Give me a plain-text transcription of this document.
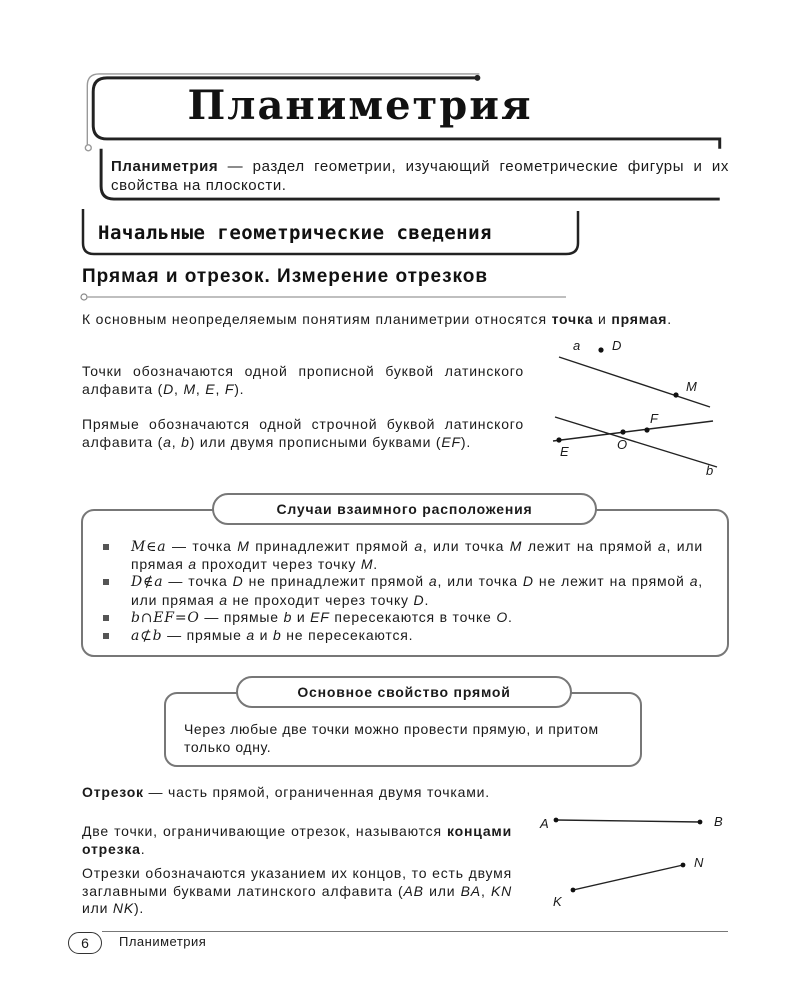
Планиметрия
Планиметрия — раздел геометрии, изучающий геометрические фигуры и их свойства на плоскости.
Начальные геометрические сведения
Прямая и отрезок. Измерение отрезков
К основным неопределяемым понятиям планиметрии относятся точка и прямая.
Точки обозначаются одной прописной буквой латинского алфавита (D, M, E, F).
Прямые обозначаются одной строчной буквой латинского алфавита (a, b) или двумя прописными буквами (EF).
a D
M
F
O
E
b
Случаи взаимного расположения
M∈a — точка M принадлежит прямой a, или точка M лежит на прямой a, или прямая a проходит через точку M.
D∉a — точка D не принадлежит прямой a, или точка D не лежит на прямой a, или прямая a не проходит через точку D.
b∩EF=O — прямые b и EF пересекаются в точке O.
a⊄b — прямые a и b не пересекаются.
Основное свойство прямой
Через любые две точки можно провести прямую, и притом только одну.
Отрезок — часть прямой, ограниченная двумя точками.
Две точки, ограничивающие отрезок, называются концами отрезка.
Отрезки обозначаются указанием их концов, то есть двумя заглавными буквами латинского алфавита (AB или BA, KN или NK).
A	B
N
K
6	Планиметрия
